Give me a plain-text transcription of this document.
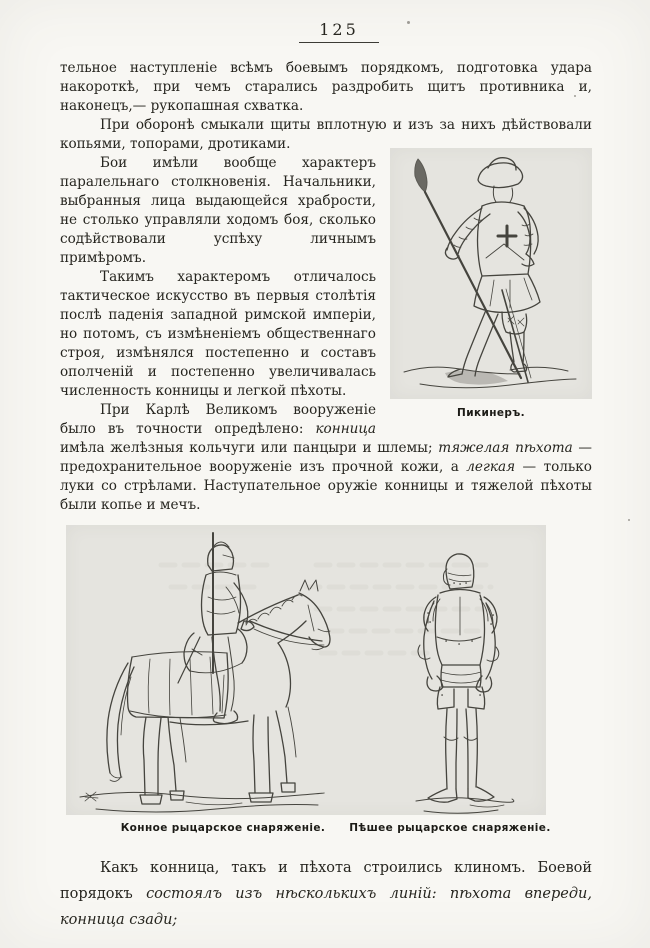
125

тельное наступленіе всѣмъ боевымъ порядкомъ, подготовка удара накороткѣ, при чемъ старались раздробить щитъ противника и, наконецъ,— рукопашная схватка.

При оборонѣ смыкали щиты вплотную и изъ за нихъ дѣйствовали копьями, топорами, дротиками.

Пикинеръ.

Бои имѣли вообще характеръ паралельнаго столкновенія. Начальники, выбранныя лица выдающейся храбрости, не столько управляли ходомъ боя, сколько содѣйствовали успѣху личнымъ примѣромъ.

Такимъ характеромъ отличалось тактическое искусство въ первыя столѣтія послѣ паденія западной римской имперіи, но потомъ, съ измѣненіемъ общественнаго строя, измѣнялся постепенно и составъ ополченій и постепенно увеличивалась численность конницы и легкой пѣхоты.

При Карлѣ Великомъ вооруженіе было въ точности опредѣлено: конница имѣла желѣзныя кольчуги или панцыри и шлемы; тяжелая пѣхота — предохранительное вооруженіе изъ прочной кожи, а легкая — только луки со стрѣлами. Наступательное оружіе конницы и тяжелой пѣхоты были копье и мечъ.

Конное рыцарское снаряженіе. Пѣшее рыцарское снаряженіе.

Какъ конница, такъ и пѣхота строились клиномъ. Боевой порядокъ состоялъ изъ нѣсколькихъ линій: пѣхота впереди, конница сзади;
